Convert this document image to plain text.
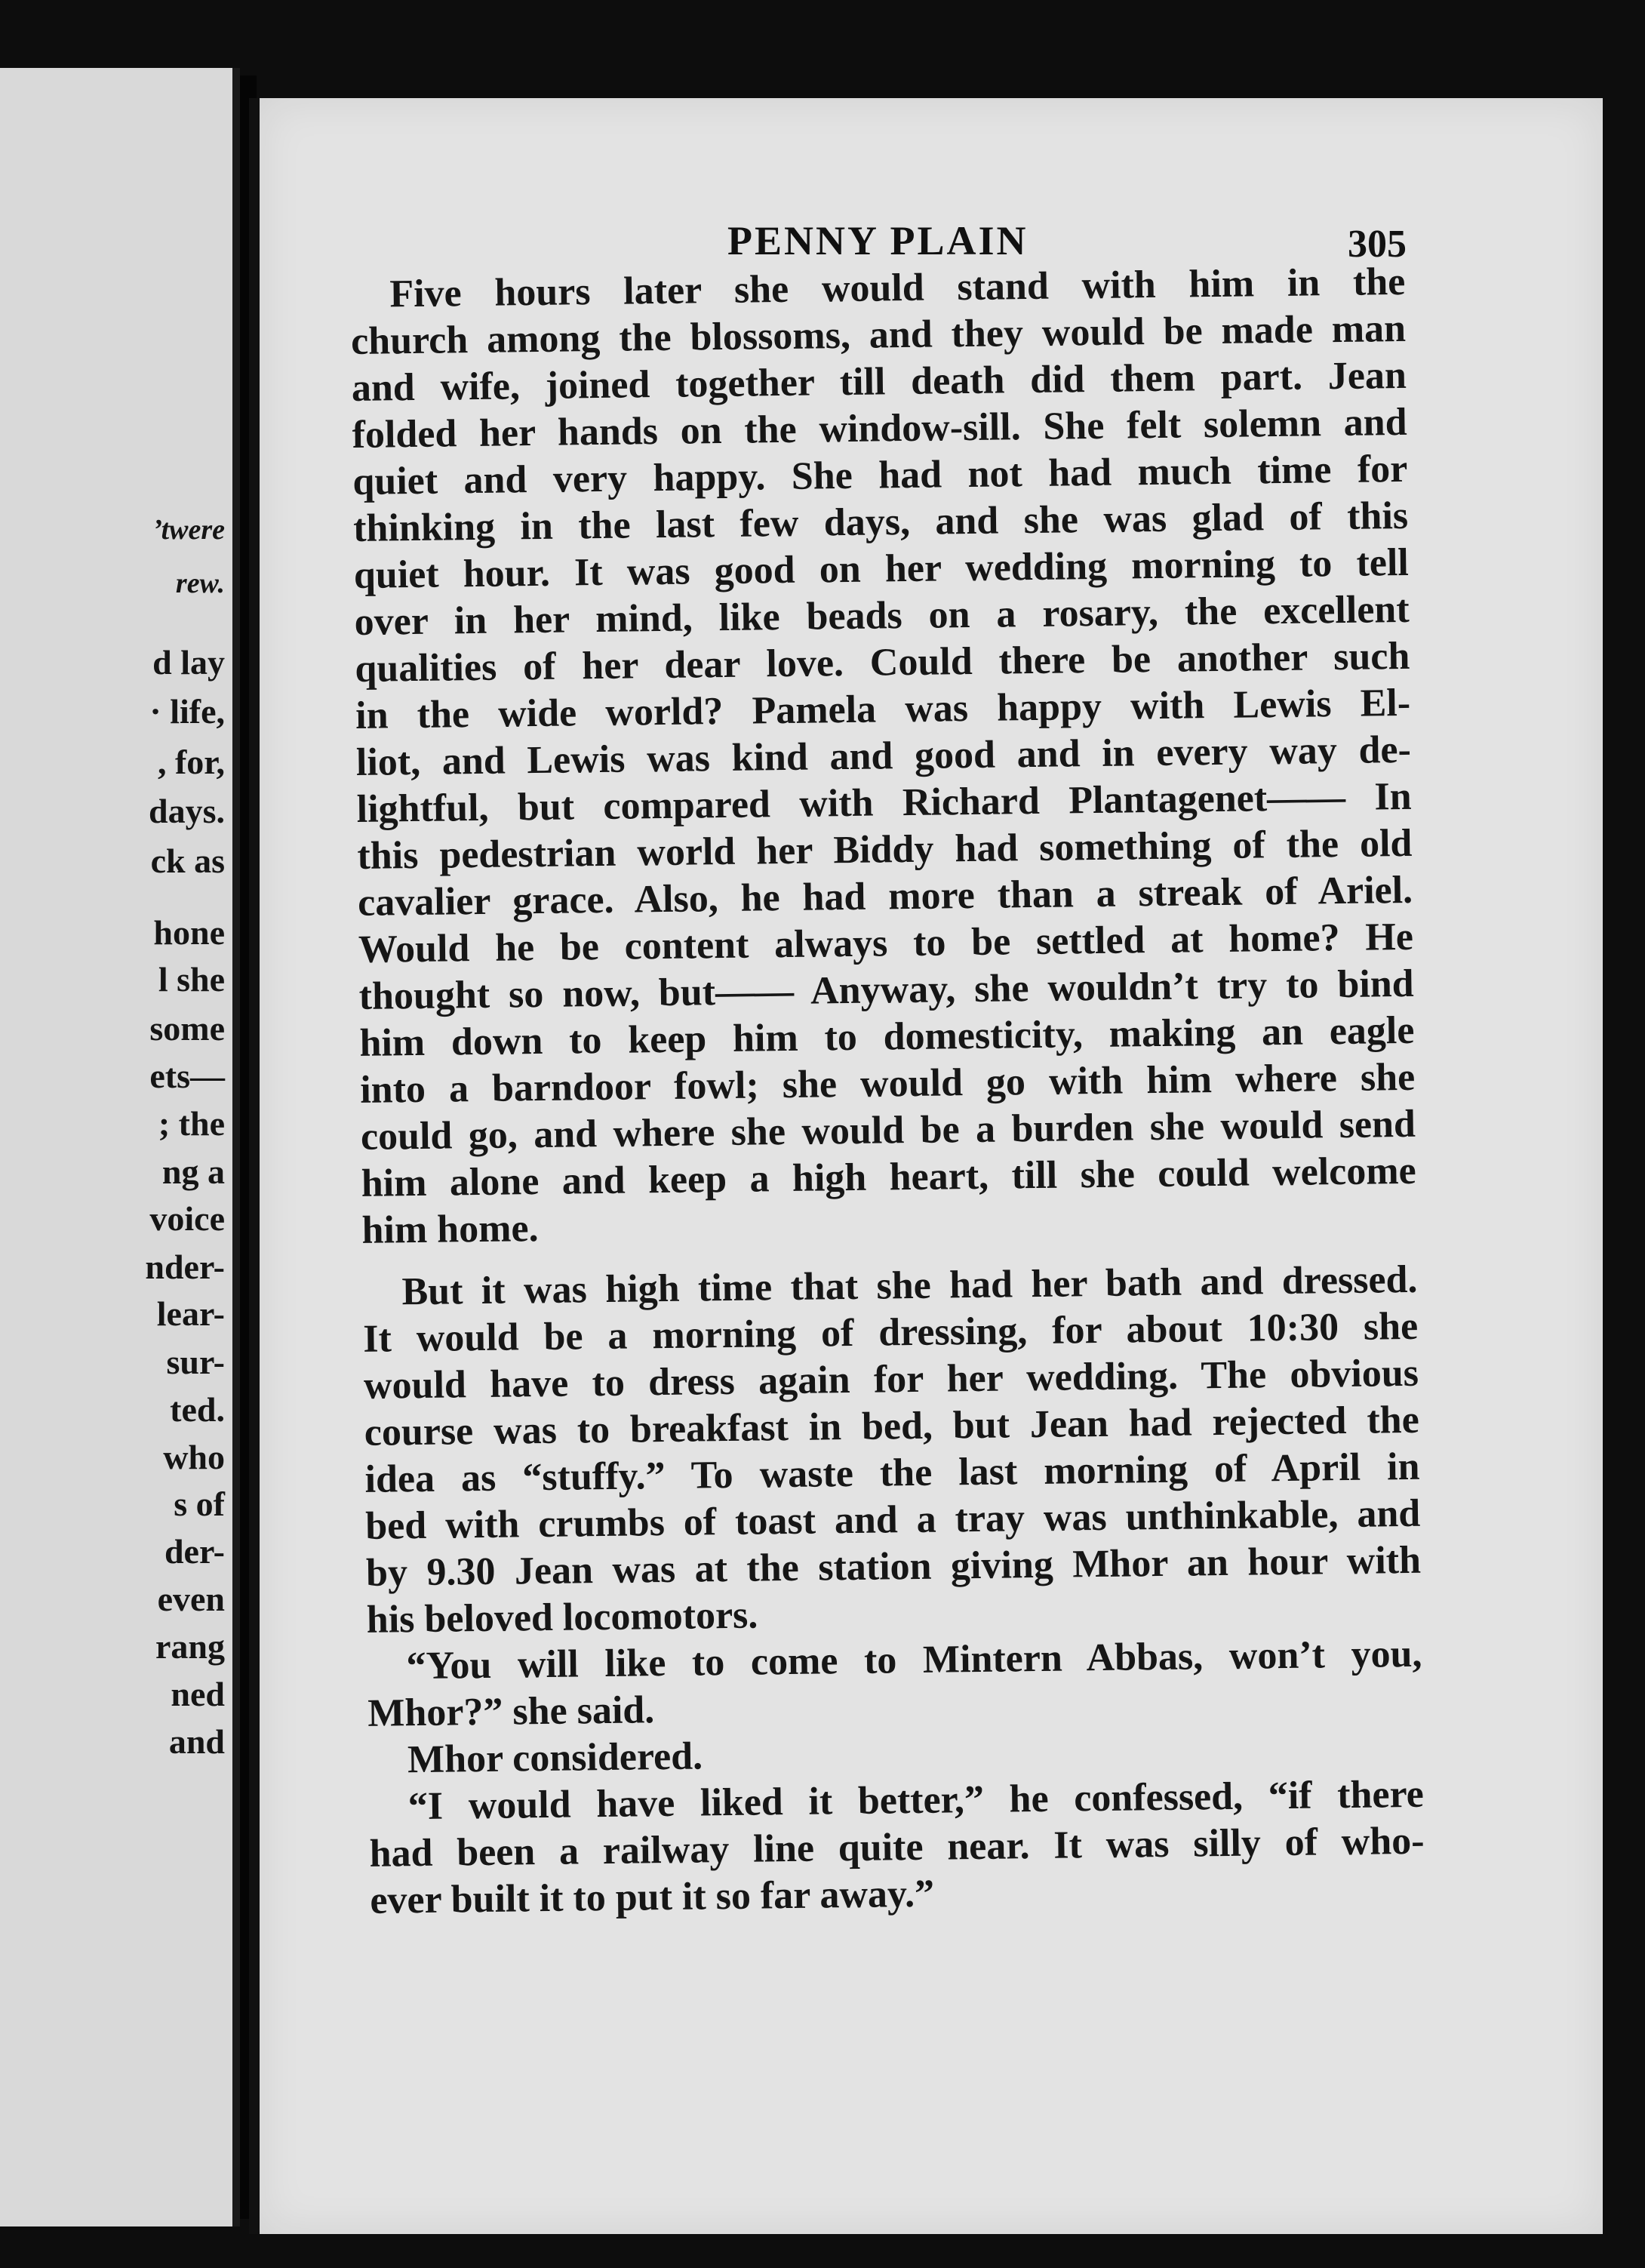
’twere
rew.
d lay
· life,
, for,
days.
ck as
hone
l she
some
ets—
; the
ng a
voice
nder-
lear-
sur-
ted.
who
s of
der-
even
rang
ned
and
PENNY PLAIN	305
Five hours later she would stand with him in the
church among the blossoms, and they would be made man
and wife, joined together till death did them part. Jean
folded her hands on the window-sill. She felt solemn and
quiet and very happy. She had not had much time for
thinking in the last few days, and she was glad of this
quiet hour. It was good on her wedding morning to tell
over in her mind, like beads on a rosary, the excellent
qualities of her dear love. Could there be another such
in the wide world? Pamela was happy with Lewis El-
liot, and Lewis was kind and good and in every way de-
lightful, but compared with Richard Plantagenet—— In
this pedestrian world her Biddy had something of the old
cavalier grace. Also, he had more than a streak of Ariel.
Would he be content always to be settled at home? He
thought so now, but—— Anyway, she wouldn’t try to bind
him down to keep him to domesticity, making an eagle
into a barndoor fowl; she would go with him where she
could go, and where she would be a burden she would send
him alone and keep a high heart, till she could welcome
him home.
But it was high time that she had her bath and dressed.
It would be a morning of dressing, for about 10:30 she
would have to dress again for her wedding. The obvious
course was to breakfast in bed, but Jean had rejected the
idea as “stuffy.” To waste the last morning of April in
bed with crumbs of toast and a tray was unthinkable, and
by 9.30 Jean was at the station giving Mhor an hour with
his beloved locomotors.
“You will like to come to Mintern Abbas, won’t you,
Mhor?” she said.
Mhor considered.
“I would have liked it better,” he confessed, “if there
had been a railway line quite near. It was silly of who-
ever built it to put it so far away.”
